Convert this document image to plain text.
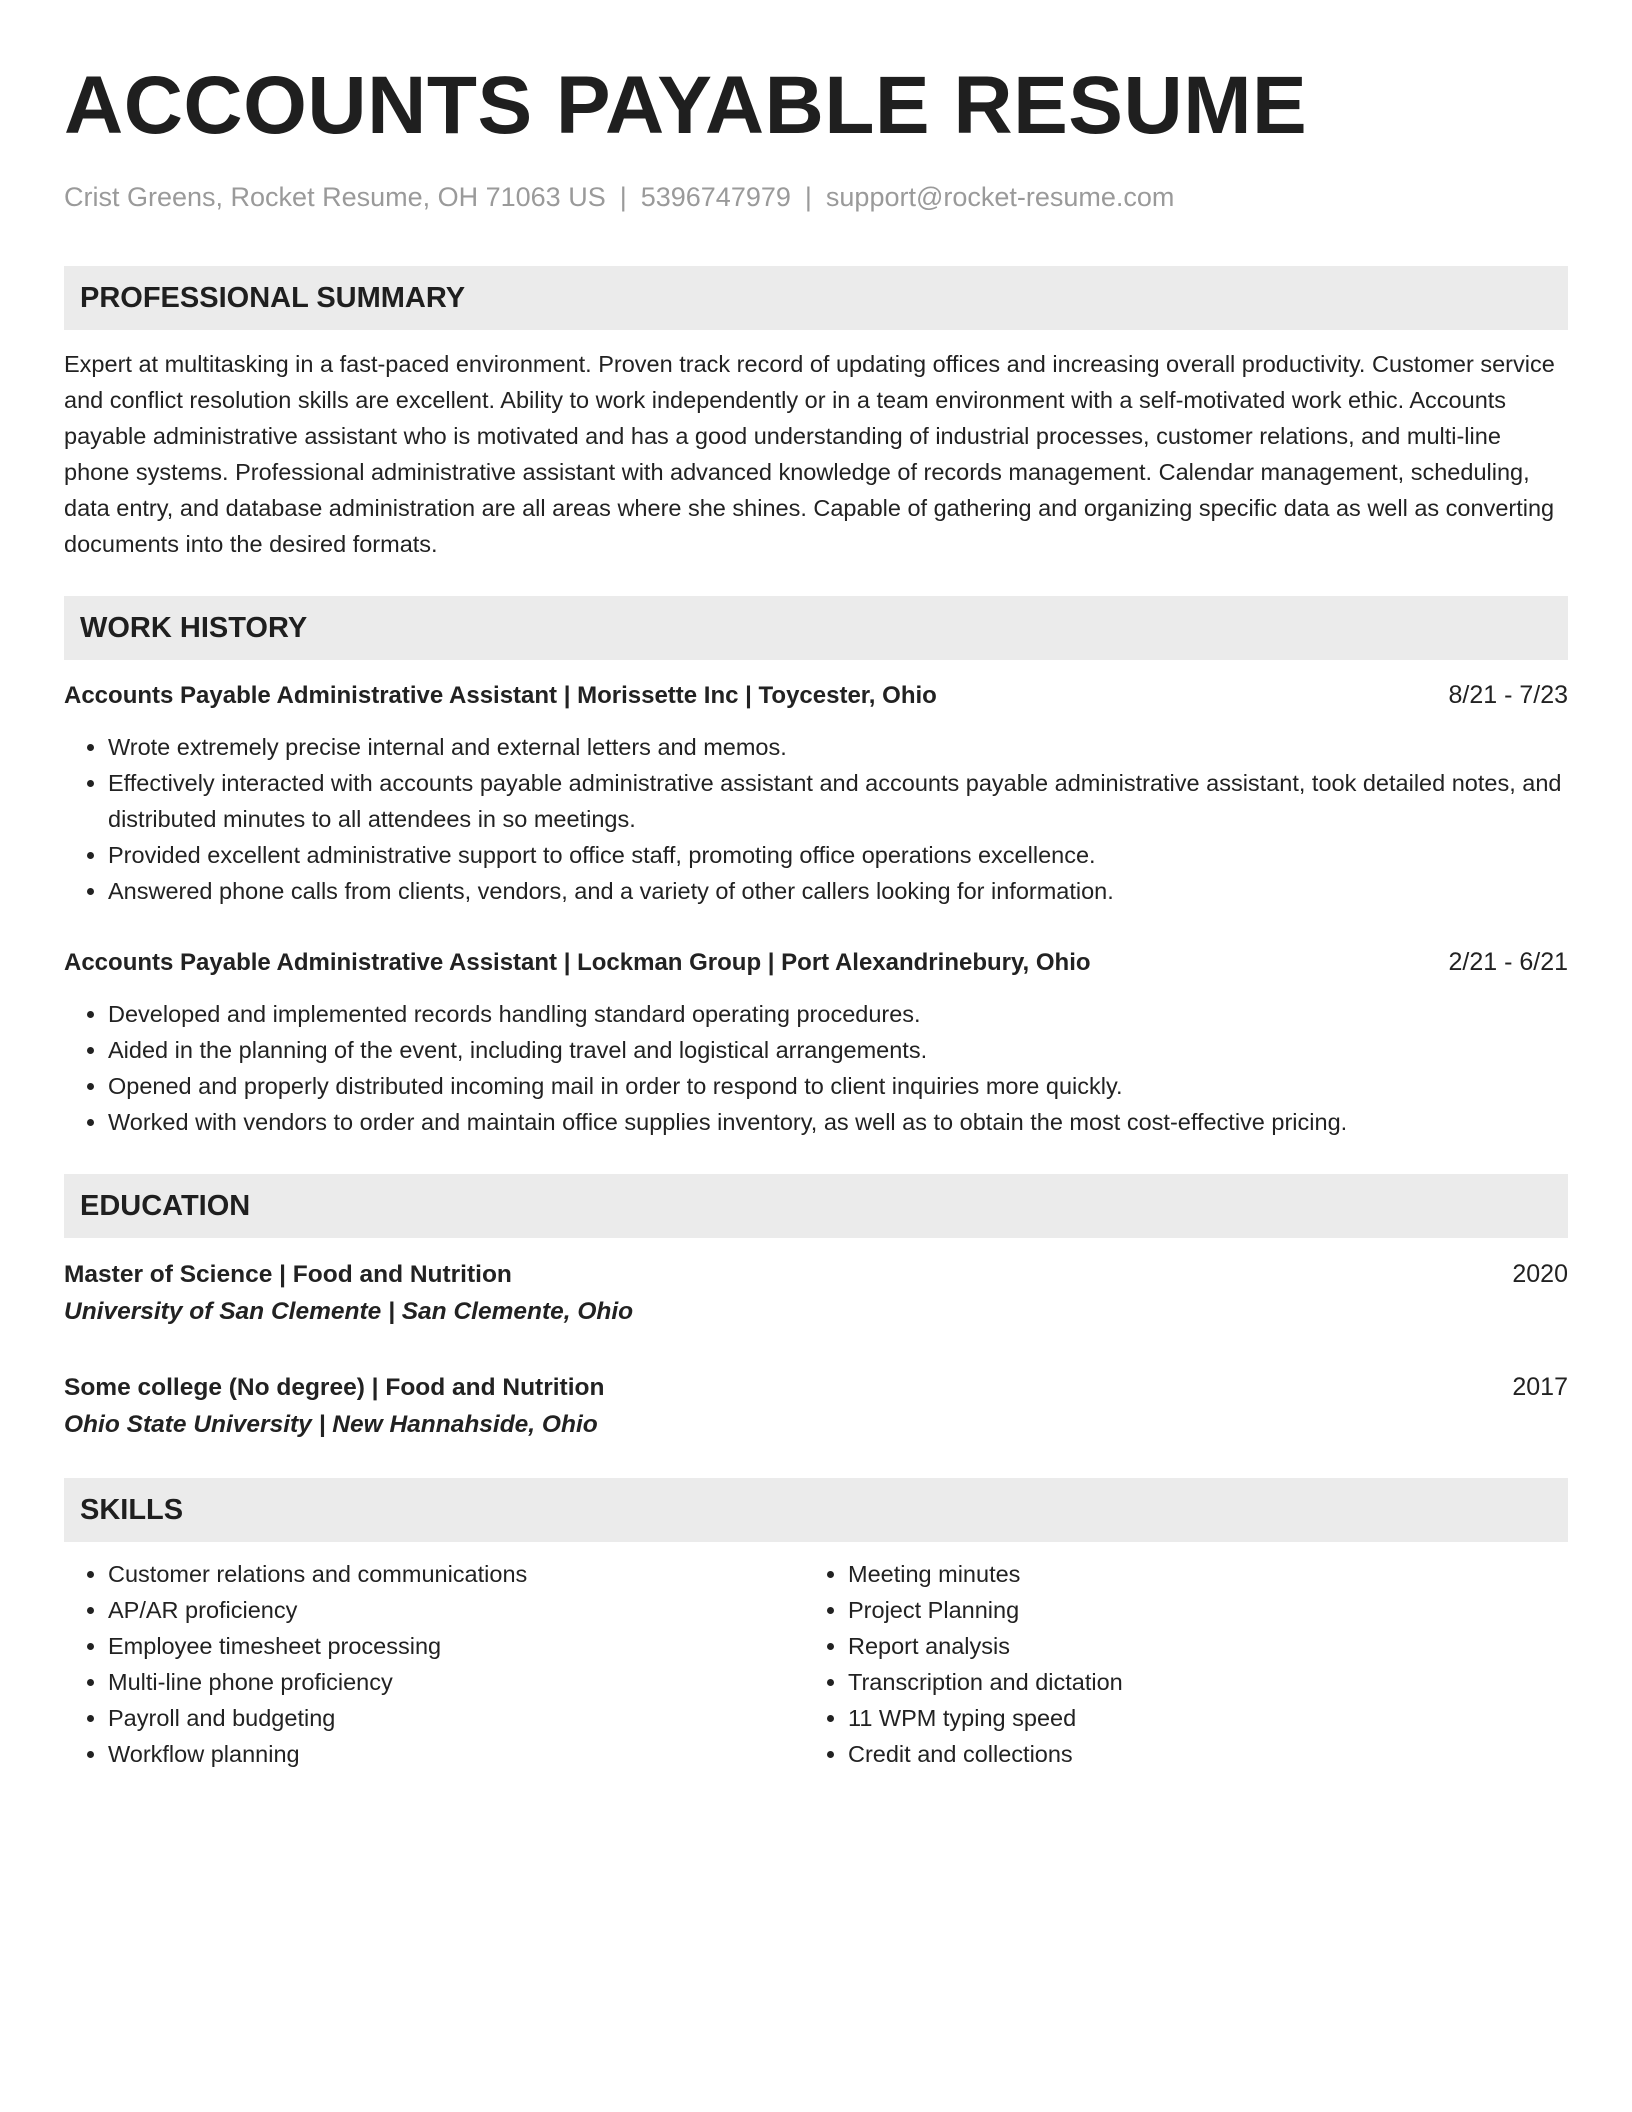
ACCOUNTS PAYABLE RESUME
Crist Greens, Rocket Resume, OH 71063 US | 5396747979 | support@rocket-resume.com
PROFESSIONAL SUMMARY
Expert at multitasking in a fast-paced environment. Proven track record of updating offices and increasing overall productivity. Customer service and conflict resolution skills are excellent. Ability to work independently or in a team environment with a self-motivated work ethic. Accounts payable administrative assistant who is motivated and has a good understanding of industrial processes, customer relations, and multi-line phone systems. Professional administrative assistant with advanced knowledge of records management. Calendar management, scheduling, data entry, and database administration are all areas where she shines. Capable of gathering and organizing specific data as well as converting documents into the desired formats.
WORK HISTORY
Accounts Payable Administrative Assistant | Morissette Inc | Toycester, Ohio	8/21 - 7/23
• Wrote extremely precise internal and external letters and memos.
• Effectively interacted with accounts payable administrative assistant and accounts payable administrative assistant, took detailed notes, and distributed minutes to all attendees in so meetings.
• Provided excellent administrative support to office staff, promoting office operations excellence.
• Answered phone calls from clients, vendors, and a variety of other callers looking for information.
Accounts Payable Administrative Assistant | Lockman Group | Port Alexandrinebury, Ohio	2/21 - 6/21
• Developed and implemented records handling standard operating procedures.
• Aided in the planning of the event, including travel and logistical arrangements.
• Opened and properly distributed incoming mail in order to respond to client inquiries more quickly.
• Worked with vendors to order and maintain office supplies inventory, as well as to obtain the most cost-effective pricing.
EDUCATION
Master of Science | Food and Nutrition	2020
University of San Clemente | San Clemente, Ohio
Some college (No degree) | Food and Nutrition	2017
Ohio State University | New Hannahside, Ohio
SKILLS
• Customer relations and communications
• AP/AR proficiency
• Employee timesheet processing
• Multi-line phone proficiency
• Payroll and budgeting
• Workflow planning
• Meeting minutes
• Project Planning
• Report analysis
• Transcription and dictation
• 11 WPM typing speed
• Credit and collections
